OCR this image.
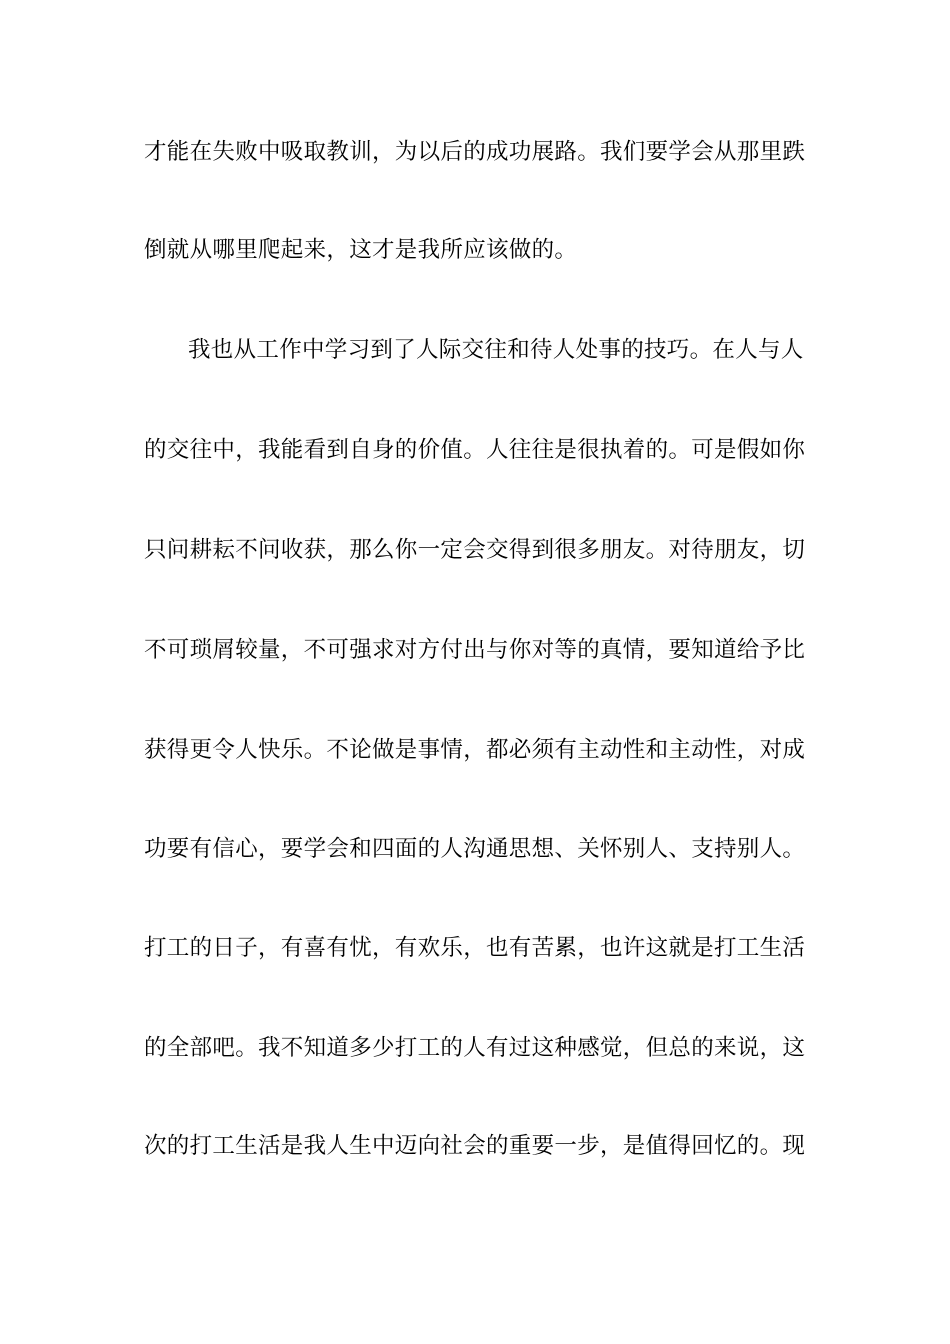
才能在失败中吸取教训，为以后的成功展路。我们要学会从那里跌
倒就从哪里爬起来，这才是我所应该做的。
我也从工作中学习到了人际交往和待人处事的技巧。在人与人
的交往中，我能看到自身的价值。人往往是很执着的。可是假如你
只问耕耘不问收获，那么你一定会交得到很多朋友。对待朋友，切
不可琐屑较量，不可强求对方付出与你对等的真情，要知道给予比
获得更令人快乐。不论做是事情，都必须有主动性和主动性，对成
功要有信心，要学会和四面的人沟通思想、关怀别人、支持别人。
打工的日子，有喜有忧，有欢乐，也有苦累，也许这就是打工生活
的全部吧。我不知道多少打工的人有过这种感觉，但总的来说，这
次的打工生活是我人生中迈向社会的重要一步，是值得回忆的。现
